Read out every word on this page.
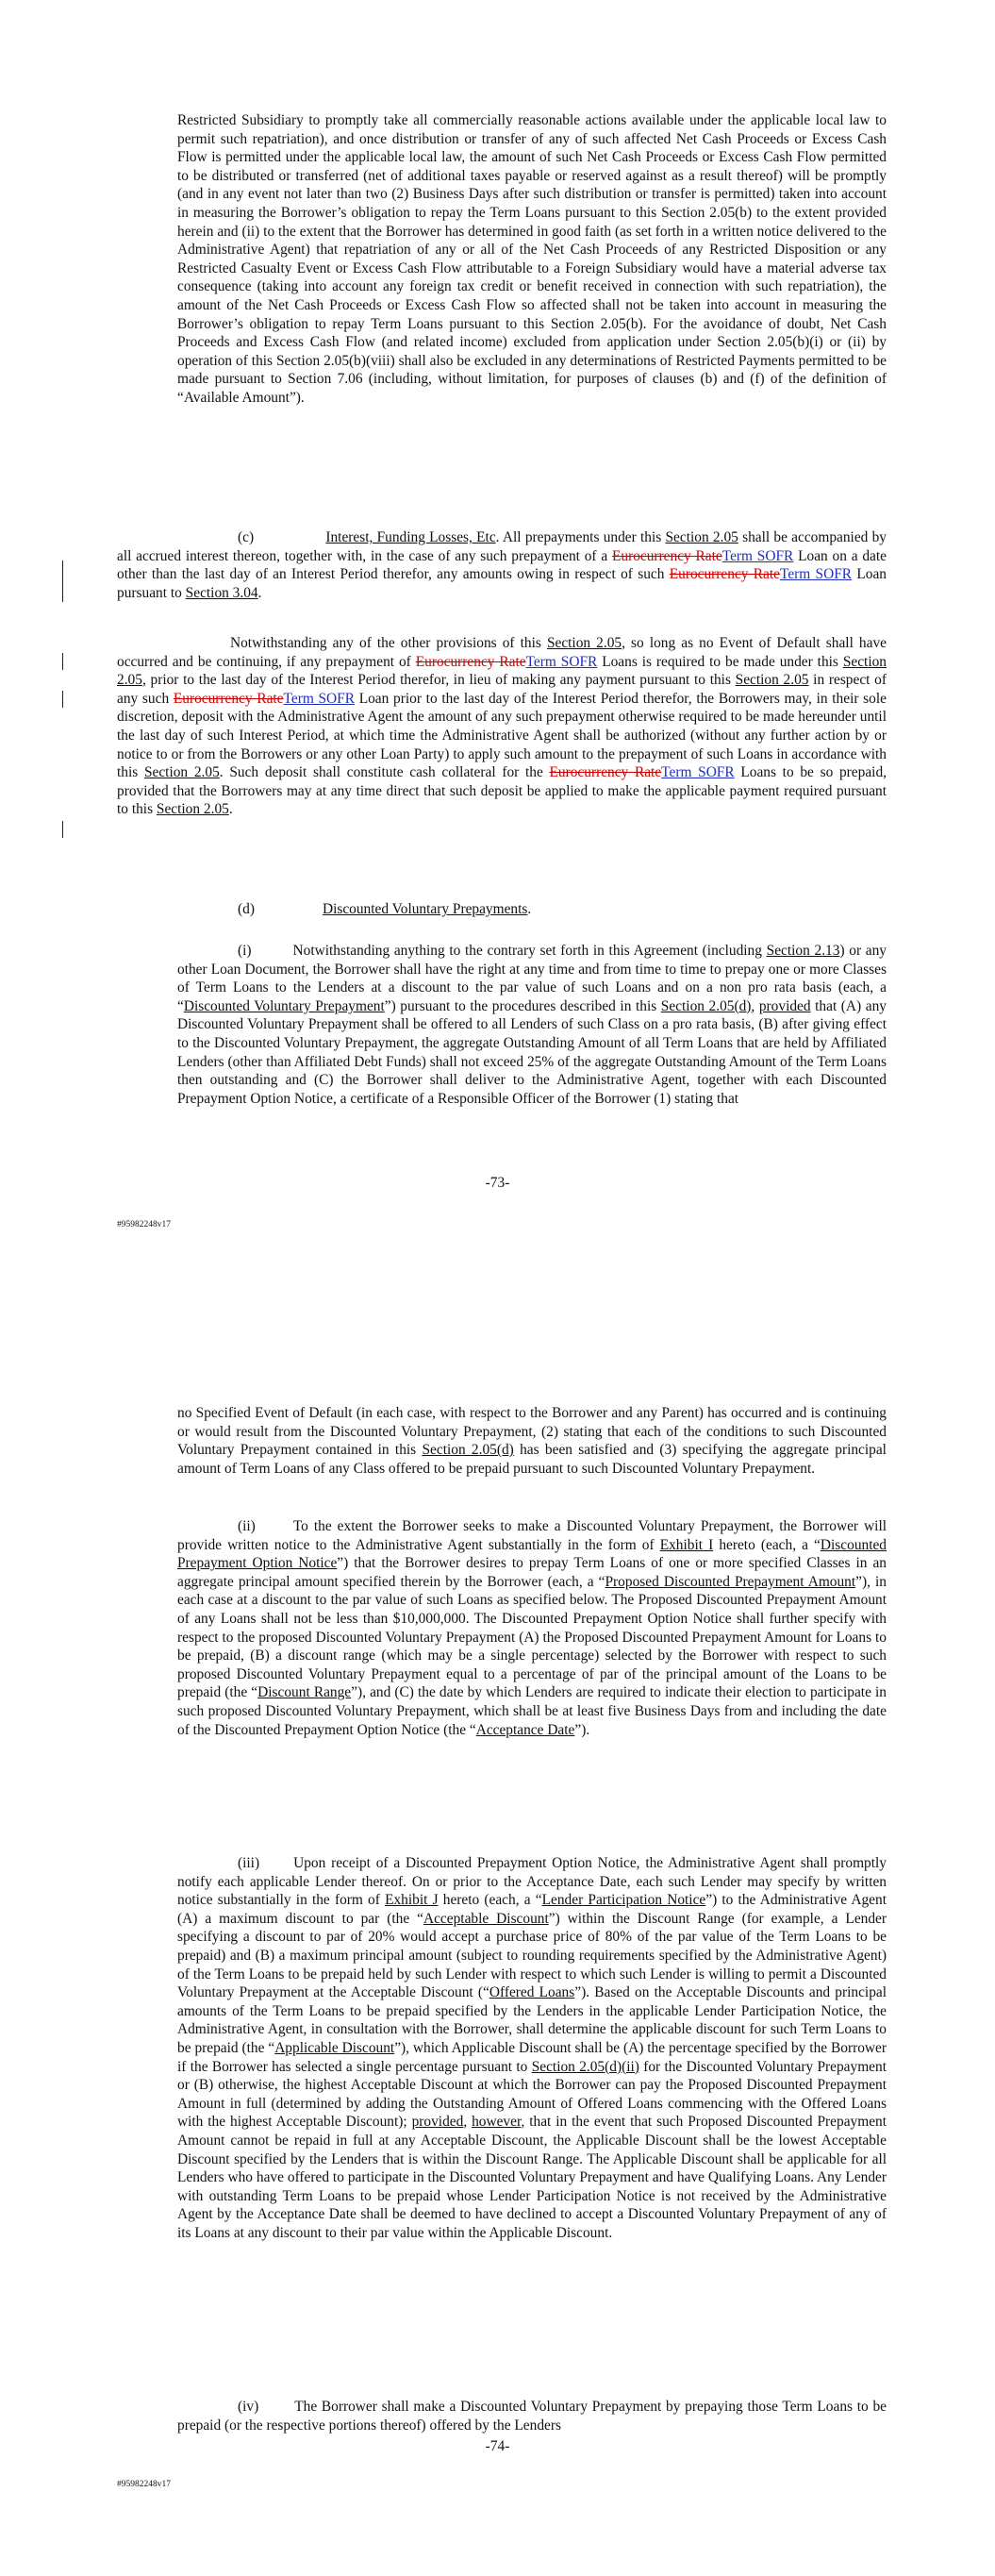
Restricted Subsidiary to promptly take all commercially reasonable actions available under the applicable local law to permit such repatriation), and once distribution or transfer of any of such affected Net Cash Proceeds or Excess Cash Flow is permitted under the applicable local law, the amount of such Net Cash Proceeds or Excess Cash Flow permitted to be distributed or transferred (net of additional taxes payable or reserved against as a result thereof) will be promptly (and in any event not later than two (2) Business Days after such distribution or transfer is permitted) taken into account in measuring the Borrower’s obligation to repay the Term Loans pursuant to this Section 2.05(b) to the extent provided herein and (ii) to the extent that the Borrower has determined in good faith (as set forth in a written notice delivered to the Administrative Agent) that repatriation of any or all of the Net Cash Proceeds of any Restricted Disposition or any Restricted Casualty Event or Excess Cash Flow attributable to a Foreign Subsidiary would have a material adverse tax consequence (taking into account any foreign tax credit or benefit received in connection with such repatriation), the amount of the Net Cash Proceeds or Excess Cash Flow so affected shall not be taken into account in measuring the Borrower’s obligation to repay Term Loans pursuant to this Section 2.05(b). For the avoidance of doubt, Net Cash Proceeds and Excess Cash Flow (and related income) excluded from application under Section 2.05(b)(i) or (ii) by operation of this Section 2.05(b)(viii) shall also be excluded in any determinations of Restricted Payments permitted to be made pursuant to Section 7.06 (including, without limitation, for purposes of clauses (b) and (f) of the definition of “Available Amount”).

(c)	Interest, Funding Losses, Etc. All prepayments under this Section 2.05 shall be accompanied by all accrued interest thereon, together with, in the case of any such prepayment of a Eurocurrency RateTerm SOFR Loan on a date other than the last day of an Interest Period therefor, any amounts owing in respect of such Eurocurrency RateTerm SOFR Loan pursuant to Section 3.04.

Notwithstanding any of the other provisions of this Section 2.05, so long as no Event of Default shall have occurred and be continuing, if any prepayment of Eurocurrency RateTerm SOFR Loans is required to be made under this Section 2.05, prior to the last day of the Interest Period therefor, in lieu of making any payment pursuant to this Section 2.05 in respect of any such Eurocurrency RateTerm SOFR Loan prior to the last day of the Interest Period therefor, the Borrowers may, in their sole discretion, deposit with the Administrative Agent the amount of any such prepayment otherwise required to be made hereunder until the last day of such Interest Period, at which time the Administrative Agent shall be authorized (without any further action by or notice to or from the Borrowers or any other Loan Party) to apply such amount to the prepayment of such Loans in accordance with this Section 2.05. Such deposit shall constitute cash collateral for the Eurocurrency RateTerm SOFR Loans to be so prepaid, provided that the Borrowers may at any time direct that such deposit be applied to make the applicable payment required pursuant to this Section 2.05.

(d)	Discounted Voluntary Prepayments.

(i)	Notwithstanding anything to the contrary set forth in this Agreement (including Section 2.13) or any other Loan Document, the Borrower shall have the right at any time and from time to time to prepay one or more Classes of Term Loans to the Lenders at a discount to the par value of such Loans and on a non pro rata basis (each, a “Discounted Voluntary Prepayment”) pursuant to the procedures described in this Section 2.05(d), provided that (A) any Discounted Voluntary Prepayment shall be offered to all Lenders of such Class on a pro rata basis, (B) after giving effect to the Discounted Voluntary Prepayment, the aggregate Outstanding Amount of all Term Loans that are held by Affiliated Lenders (other than Affiliated Debt Funds) shall not exceed 25% of the aggregate Outstanding Amount of the Term Loans then outstanding and (C) the Borrower shall deliver to the Administrative Agent, together with each Discounted Prepayment Option Notice, a certificate of a Responsible Officer of the Borrower (1) stating that

-73-
#95982248v17

no Specified Event of Default (in each case, with respect to the Borrower and any Parent) has occurred and is continuing or would result from the Discounted Voluntary Prepayment, (2) stating that each of the conditions to such Discounted Voluntary Prepayment contained in this Section 2.05(d) has been satisfied and (3) specifying the aggregate principal amount of Term Loans of any Class offered to be prepaid pursuant to such Discounted Voluntary Prepayment.

(ii)	To the extent the Borrower seeks to make a Discounted Voluntary Prepayment, the Borrower will provide written notice to the Administrative Agent substantially in the form of Exhibit I hereto (each, a “Discounted Prepayment Option Notice”) that the Borrower desires to prepay Term Loans of one or more specified Classes in an aggregate principal amount specified therein by the Borrower (each, a “Proposed Discounted Prepayment Amount”), in each case at a discount to the par value of such Loans as specified below. The Proposed Discounted Prepayment Amount of any Loans shall not be less than $10,000,000. The Discounted Prepayment Option Notice shall further specify with respect to the proposed Discounted Voluntary Prepayment (A) the Proposed Discounted Prepayment Amount for Loans to be prepaid, (B) a discount range (which may be a single percentage) selected by the Borrower with respect to such proposed Discounted Voluntary Prepayment equal to a percentage of par of the principal amount of the Loans to be prepaid (the “Discount Range”), and (C) the date by which Lenders are required to indicate their election to participate in such proposed Discounted Voluntary Prepayment, which shall be at least five Business Days from and including the date of the Discounted Prepayment Option Notice (the “Acceptance Date”).

(iii) Upon receipt of a Discounted Prepayment Option Notice, the Administrative Agent shall promptly notify each applicable Lender thereof. On or prior to the Acceptance Date, each such Lender may specify by written notice substantially in the form of Exhibit J hereto (each, a “Lender Participation Notice”) to the Administrative Agent (A) a maximum discount to par (the “Acceptable Discount”) within the Discount Range (for example, a Lender specifying a discount to par of 20% would accept a purchase price of 80% of the par value of the Term Loans to be prepaid) and (B) a maximum principal amount (subject to rounding requirements specified by the Administrative Agent) of the Term Loans to be prepaid held by such Lender with respect to which such Lender is willing to permit a Discounted Voluntary Prepayment at the Acceptable Discount (“Offered Loans”). Based on the Acceptable Discounts and principal amounts of the Term Loans to be prepaid specified by the Lenders in the applicable Lender Participation Notice, the Administrative Agent, in consultation with the Borrower, shall determine the applicable discount for such Term Loans to be prepaid (the “Applicable Discount”), which Applicable Discount shall be (A) the percentage specified by the Borrower if the Borrower has selected a single percentage pursuant to Section 2.05(d)(ii) for the Discounted Voluntary Prepayment or (B) otherwise, the highest Acceptable Discount at which the Borrower can pay the Proposed Discounted Prepayment Amount in full (determined by adding the Outstanding Amount of Offered Loans commencing with the Offered Loans with the highest Acceptable Discount); provided, however, that in the event that such Proposed Discounted Prepayment Amount cannot be repaid in full at any Acceptable Discount, the Applicable Discount shall be the lowest Acceptable Discount specified by the Lenders that is within the Discount Range. The Applicable Discount shall be applicable for all Lenders who have offered to participate in the Discounted Voluntary Prepayment and have Qualifying Loans. Any Lender with outstanding Term Loans to be prepaid whose Lender Participation Notice is not received by the Administrative Agent by the Acceptance Date shall be deemed to have declined to accept a Discounted Voluntary Prepayment of any of its Loans at any discount to their par value within the Applicable Discount.

(iv) The Borrower shall make a Discounted Voluntary Prepayment by prepaying those Term Loans to be prepaid (or the respective portions thereof) offered by the Lenders

-74-
#95982248v17
